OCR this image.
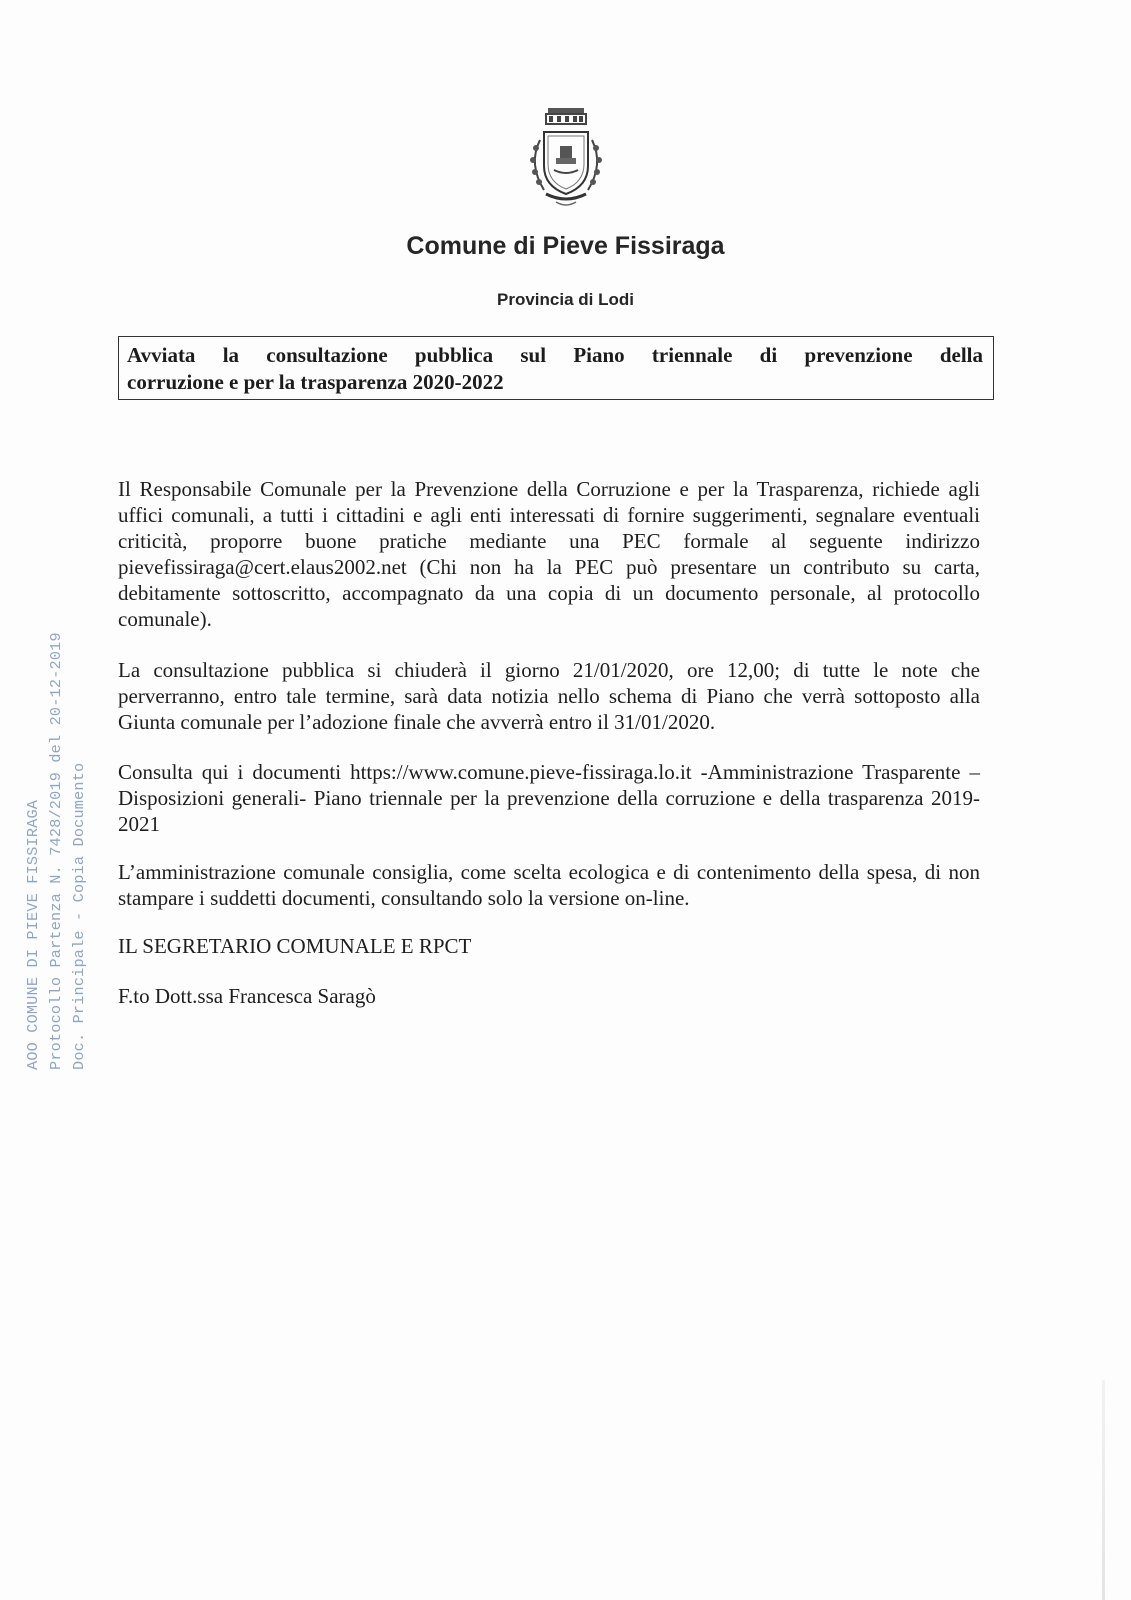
Comune di Pieve Fissiraga
Provincia di Lodi
Avviata la consultazione pubblica sul Piano triennale di prevenzione della
corruzione e per la trasparenza 2020-2022
AOO COMUNE DI PIEVE FISSIRAGA Protocollo Partenza N. 7428/2019 del 20-12-2019 Doc. Principale - Copia Documento

Il Responsabile Comunale per la Prevenzione della Corruzione e per la Trasparenza, richiede agli uffici comunali, a tutti i cittadini e agli enti interessati di fornire suggerimenti, segnalare eventuali criticità, proporre buone pratiche mediante una PEC formale al seguente indirizzo pievefissiraga@cert.elaus2002.net (Chi non ha la PEC può presentare un contributo su carta, debitamente sottoscritto, accompagnato da una copia di un documento personale, al protocollo comunale).

La consultazione pubblica si chiuderà il giorno 21/01/2020, ore 12,00; di tutte le note che perverranno, entro tale termine, sarà data notizia nello schema di Piano che verrà sottoposto alla Giunta comunale per l’adozione finale che avverrà entro il 31/01/2020.

Consulta qui i documenti https://www.comune.pieve-fissiraga.lo.it -Amministrazione Trasparente – Disposizioni generali- Piano triennale per la prevenzione della corruzione e della trasparenza 2019-2021

L’amministrazione comunale consiglia, come scelta ecologica e di contenimento della spesa, di non stampare i suddetti documenti, consultando solo la versione on-line.

IL SEGRETARIO COMUNALE E RPCT

F.to Dott.ssa Francesca Saragò
